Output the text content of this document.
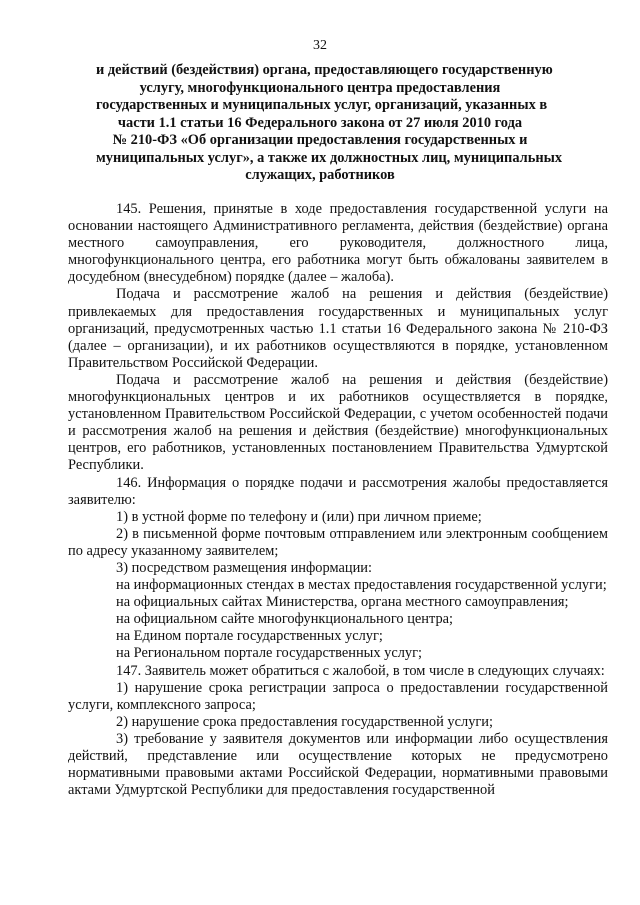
32
и действий (бездействия) органа, предоставляющего государственную
услугу, многофункционального центра предоставления
государственных и муниципальных услуг, организаций, указанных в
части 1.1 статьи 16 Федерального закона от 27 июля 2010 года
№ 210-ФЗ «Об организации предоставления государственных и
муниципальных услуг», а также их должностных лиц, муниципальных
служащих, работников

145. Решения, принятые в ходе предоставления государственной услуги на основании настоящего Административного регламента, действия (бездействие) органа местного самоуправления, его руководителя, должностного лица, многофункционального центра, его работника могут быть обжалованы заявителем в досудебном (внесудебном) порядке (далее – жалоба).

Подача и рассмотрение жалоб на решения и действия (бездействие) привлекаемых для предоставления государственных и муниципальных услуг организаций, предусмотренных частью 1.1 статьи 16 Федерального закона № 210-ФЗ (далее – организации), и их работников осуществляются в порядке, установленном Правительством Российской Федерации.

Подача и рассмотрение жалоб на решения и действия (бездействие) многофункциональных центров и их работников осуществляется в порядке, установленном Правительством Российской Федерации, с учетом особенностей подачи и рассмотрения жалоб на решения и действия (бездействие) многофункциональных центров, его работников, установленных постановлением Правительства Удмуртской Республики.

146. Информация о порядке подачи и рассмотрения жалобы предоставляется заявителю:

1) в устной форме по телефону и (или) при личном приеме;

2) в письменной форме почтовым отправлением или электронным сообщением по адресу указанному заявителем;

3) посредством размещения информации:

на информационных стендах в местах предоставления государственной услуги;

на официальных сайтах Министерства, органа местного самоуправления;

на официальном сайте многофункционального центра;

на Едином портале государственных услуг;

на Региональном портале государственных услуг;

147. Заявитель может обратиться с жалобой, в том числе в следующих случаях:

1) нарушение срока регистрации запроса о предоставлении государственной услуги, комплексного запроса;

2) нарушение срока предоставления государственной услуги;

3) требование у заявителя документов или информации либо осуществления действий, представление или осуществление которых не предусмотрено нормативными правовыми актами Российской Федерации, нормативными правовыми актами Удмуртской Республики для предоставления государственной
